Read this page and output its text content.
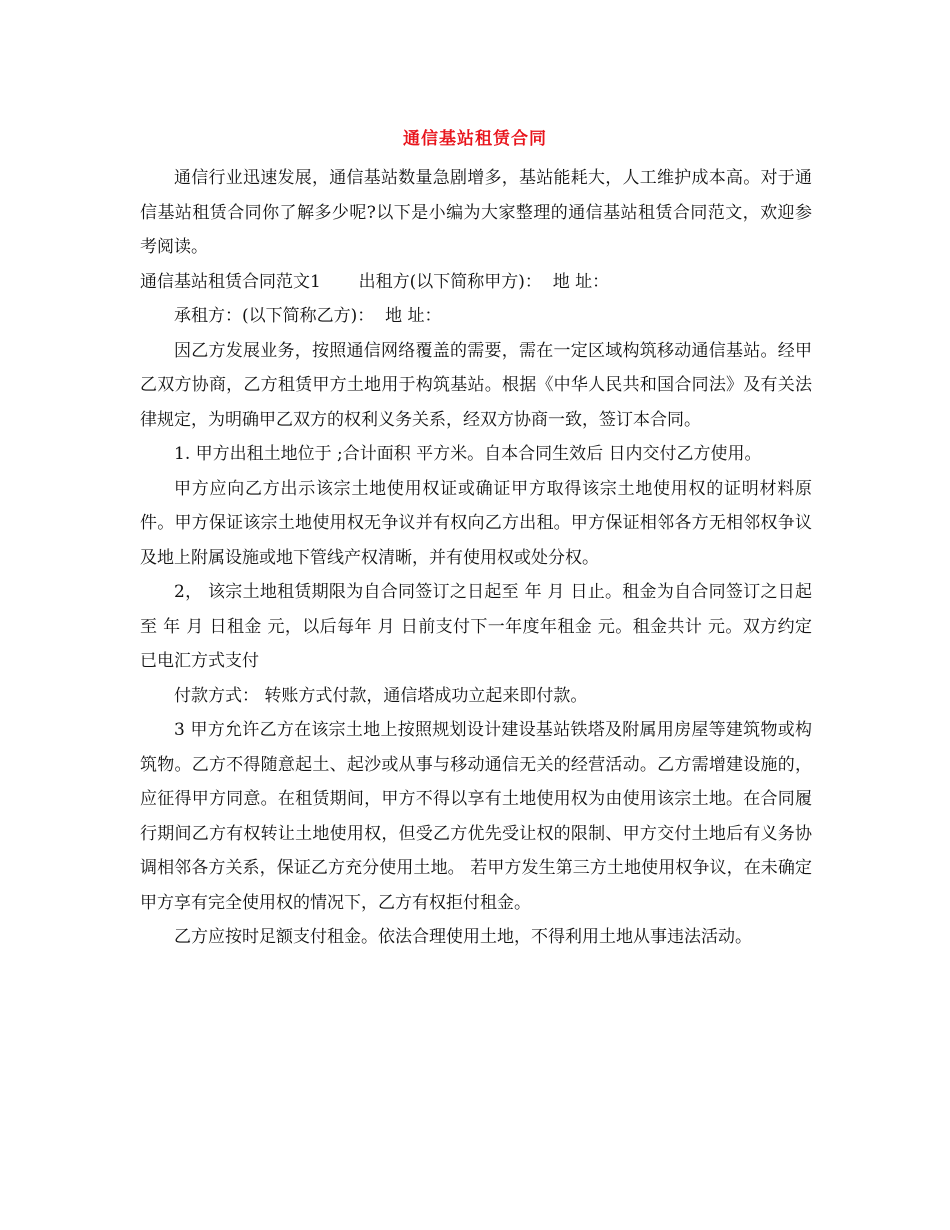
通信基站租赁合同

通信行业迅速发展，通信基站数量急剧增多，基站能耗大，人工维护成本高。对于通信基站租赁合同你了解多少呢?以下是小编为大家整理的通信基站租赁合同范文，欢迎参考阅读。

通信基站租赁合同范文1       出租方(以下简称甲方)：  地 址：

承租方：(以下简称乙方)：  地 址：

因乙方发展业务，按照通信网络覆盖的需要，需在一定区域构筑移动通信基站。经甲乙双方协商，乙方租赁甲方土地用于构筑基站。根据《中华人民共和国合同法》及有关法律规定，为明确甲乙双方的权利义务关系，经双方协商一致，签订本合同。

1. 甲方出租土地位于 ;合计面积 平方米。自本合同生效后 日内交付乙方使用。

甲方应向乙方出示该宗土地使用权证或确证甲方取得该宗土地使用权的证明材料原件。甲方保证该宗土地使用权无争议并有权向乙方出租。甲方保证相邻各方无相邻权争议及地上附属设施或地下管线产权清晰，并有使用权或处分权。

2， 该宗土地租赁期限为自合同签订之日起至 年 月 日止。租金为自合同签订之日起至 年 月 日租金 元，以后每年 月 日前支付下一年度年租金 元。租金共计 元。双方约定已电汇方式支付

付款方式： 转账方式付款，通信塔成功立起来即付款。

3 甲方允许乙方在该宗土地上按照规划设计建设基站铁塔及附属用房屋等建筑物或构筑物。乙方不得随意起土、起沙或从事与移动通信无关的经营活动。乙方需增建设施的，应征得甲方同意。在租赁期间，甲方不得以享有土地使用权为由使用该宗土地。在合同履行期间乙方有权转让土地使用权，但受乙方优先受让权的限制、甲方交付土地后有义务协调相邻各方关系，保证乙方充分使用土地。 若甲方发生第三方土地使用权争议，在未确定甲方享有完全使用权的情况下，乙方有权拒付租金。

乙方应按时足额支付租金。依法合理使用土地，不得利用土地从事违法活动。
